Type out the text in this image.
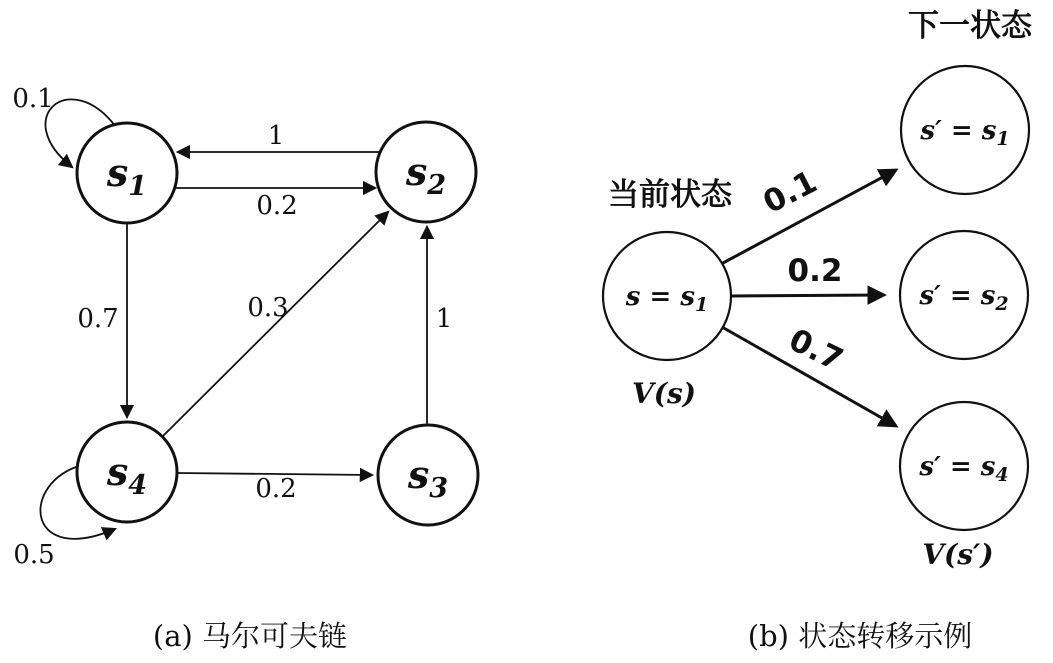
0.1
1
0.2
0.7	0.3	1
0.2
0.5
$s_1$	$s_2$
$s_3$
$s_4$
(a) 马尔可夫链
下一状态
当前状态 0.1
0.2
0.7
$s = s_1$
$s' = s_1$
$s' = s_2$
$s' = s_4$
V(s)
V(s′)
(b) 状态转移示例
